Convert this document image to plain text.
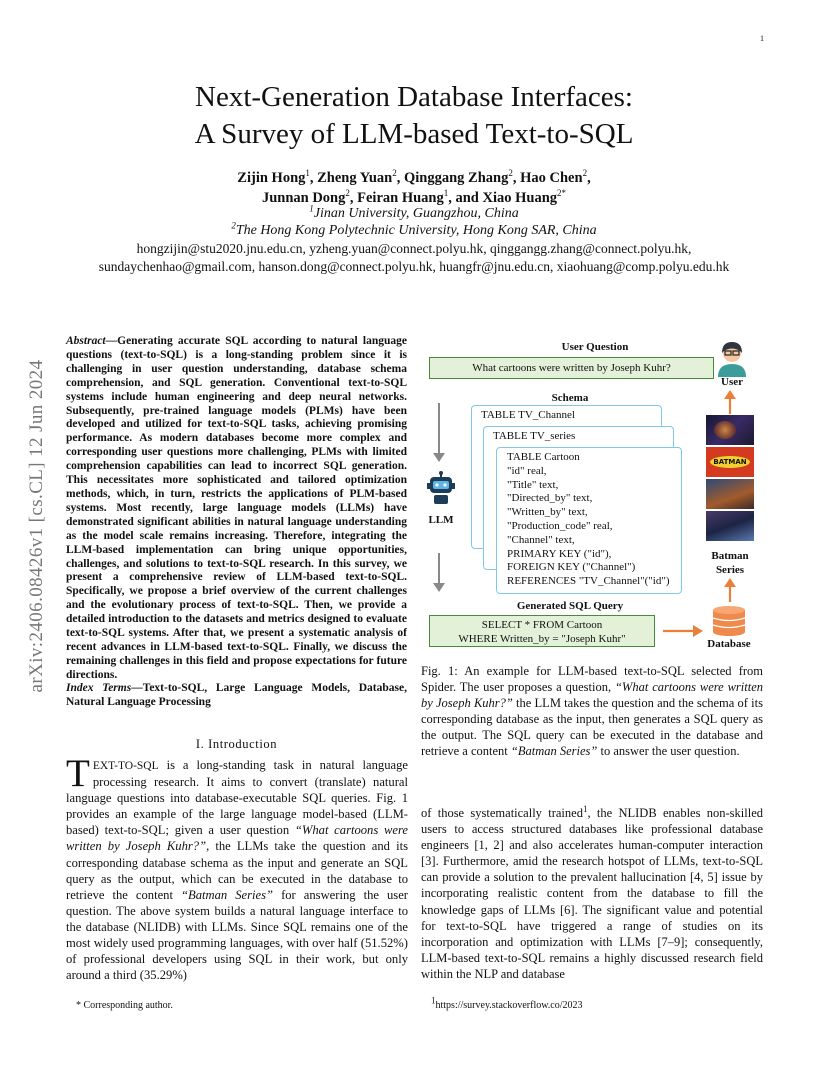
1
arXiv:2406.08426v1 [cs.CL] 12 Jun 2024
Next-Generation Database Interfaces:
A Survey of LLM-based Text-to-SQL
Zijin Hong$^1$, Zheng Yuan$^2$, Qinggang Zhang$^2$, Hao Chen$^2$,
Junnan Dong$^2$, Feiran Huang$^1$, and Xiao Huang$^{2*}$
$^1$Jinan University, Guangzhou, China
$^2$The Hong Kong Polytechnic University, Hong Kong SAR, China
hongzijin@stu2020.jnu.edu.cn, yzheng.yuan@connect.polyu.hk, qinggangg.zhang@connect.polyu.hk,
sundaychenhao@gmail.com, hanson.dong@connect.polyu.hk, huangfr@jnu.edu.cn, xiaohuang@comp.polyu.edu.hk
Abstract—Generating accurate SQL according to natural language questions (text-to-SQL) is a long-standing problem since it is challenging in user question understanding, database schema comprehension, and SQL generation. Conventional text-to-SQL systems include human engineering and deep neural networks. Subsequently, pre-trained language models (PLMs) have been developed and utilized for text-to-SQL tasks, achieving promising performance. As modern databases become more complex and corresponding user questions more challenging, PLMs with limited comprehension capabilities can lead to incorrect SQL generation. This necessitates more sophisticated and tailored optimization methods, which, in turn, restricts the applications of PLM-based systems. Most recently, large language models (LLMs) have demonstrated significant abilities in natural language understanding as the model scale remains increasing. Therefore, integrating the LLM-based implementation can bring unique opportunities, challenges, and solutions to text-to-SQL research. In this survey, we present a comprehensive review of LLM-based text-to-SQL. Specifically, we propose a brief overview of the current challenges and the evolutionary process of text-to-SQL. Then, we provide a detailed introduction to the datasets and metrics designed to evaluate text-to-SQL systems. After that, we present a systematic analysis of recent advances in LLM-based text-to-SQL. Finally, we discuss the remaining challenges in this field and propose expectations for future directions.
Index Terms—Text-to-SQL, Large Language Models, Database, Natural Language Processing
I. Introduction
TEXT-TO-SQL is a long-standing task in natural language processing research. It aims to convert (translate) natural language questions into database-executable SQL queries. Fig. 1 provides an example of the large language model-based (LLM-based) text-to-SQL; given a user question “What cartoons were written by Joseph Kuhr?”, the LLMs take the question and its corresponding database schema as the input and generate an SQL query as the output, which can be executed in the database to retrieve the content “Batman Series” for answering the user question. The above system builds a natural language interface to the database (NLIDB) with LLMs. Since SQL remains one of the most widely used programming languages, with over half (51.52%) of professional developers using SQL in their work, but only around a third (35.29%)
* Corresponding author.
User Question
What cartoons were written by Joseph Kuhr?
User
Schema
LLM
TABLE TV_Channel
TABLE TV_series
TABLE Cartoon
"id" real,
"Title" text,
"Directed_by" text,
"Written_by" text,
"Production_code" real,
"Channel" text,
PRIMARY KEY ("id"),
FOREIGN KEY ("Channel")
REFERENCES "TV_Channel"("id")
BATMAN
Batman
Series
Generated SQL Query
SELECT * FROM Cartoon
WHERE Written_by = "Joseph Kuhr"	Database
Fig. 1: An example for LLM-based text-to-SQL selected from Spider. The user proposes a question, “What cartoons were written by Joseph Kuhr?” the LLM takes the question and the schema of its corresponding database as the input, then generates a SQL query as the output. The SQL query can be executed in the database and retrieve a content “Batman Series” to answer the user question.
of those systematically trained$^1$, the NLIDB enables non-skilled users to access structured databases like professional database engineers [1, 2] and also accelerates human-computer interaction [3]. Furthermore, amid the research hotspot of LLMs, text-to-SQL can provide a solution to the prevalent hallucination [4, 5] issue by incorporating realistic content from the database to fill the knowledge gaps of LLMs [6]. The significant value and potential for text-to-SQL have triggered a range of studies on its incorporation and optimization with LLMs [7–9]; consequently, LLM-based text-to-SQL remains a highly discussed research field within the NLP and database
$^1$https://survey.stackoverflow.co/2023
